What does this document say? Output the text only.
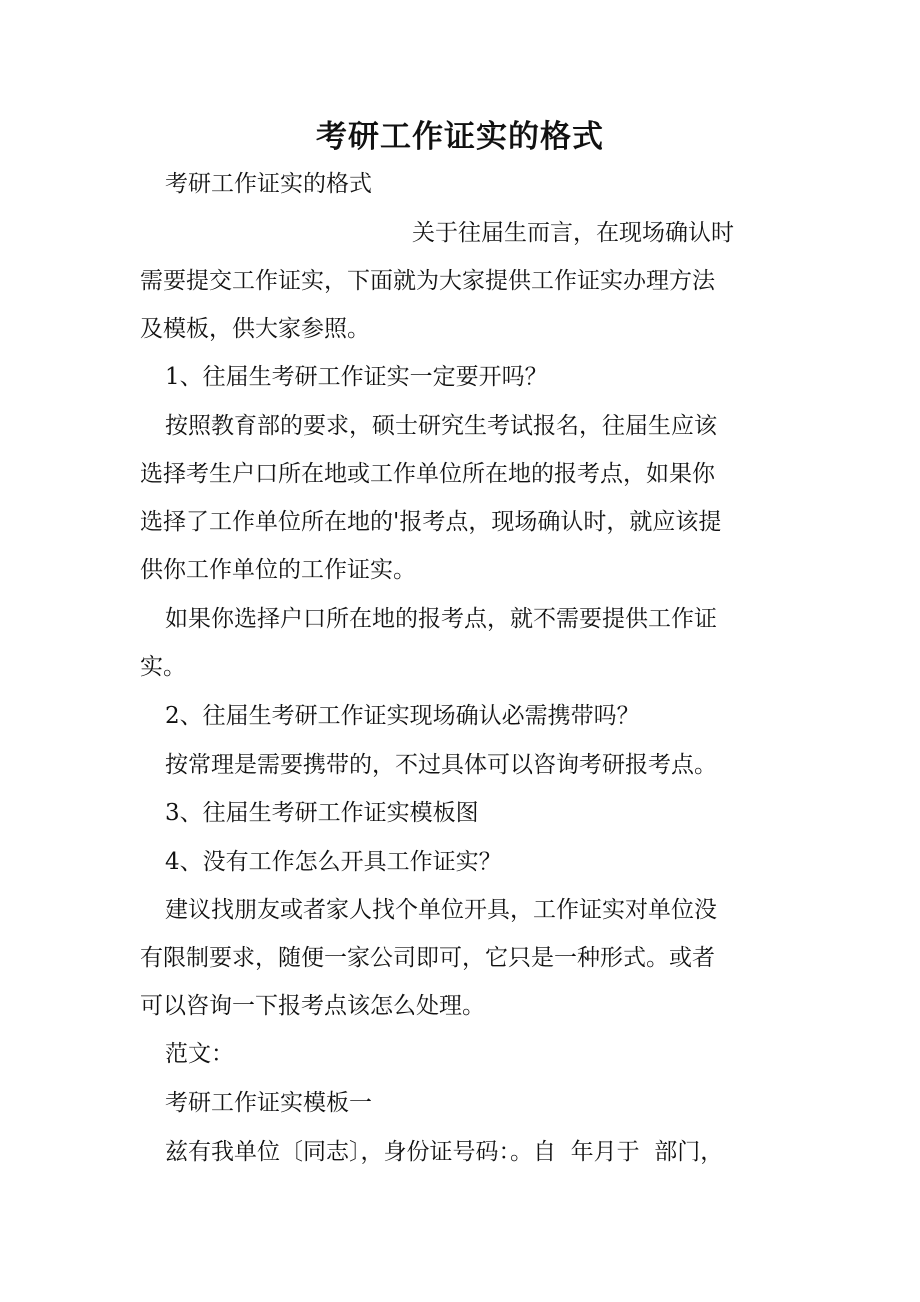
考研工作证实的格式

考研工作证实的格式

关于往届生而言，在现场确认时
需要提交工作证实，下面就为大家提供工作证实办理方法
及模板，供大家参照。

1、往届生考研工作证实一定要开吗？

按照教育部的要求，硕士研究生考试报名，往届生应该
选择考生户口所在地或工作单位所在地的报考点，如果你
选择了工作单位所在地的'报考点，现场确认时，就应该提
供你工作单位的工作证实。

如果你选择户口所在地的报考点，就不需要提供工作证
实。

2、往届生考研工作证实现场确认必需携带吗？

按常理是需要携带的，不过具体可以咨询考研报考点。

3、往届生考研工作证实模板图

4、没有工作怎么开具工作证实？

建议找朋友或者家人找个单位开具，工作证实对单位没
有限制要求，随便一家公司即可，它只是一种形式。或者
可以咨询一下报考点该怎么处理。

范文：

考研工作证实模板一

兹有我单位〔同志〕，身份证号码：。自  年月于  部门，
